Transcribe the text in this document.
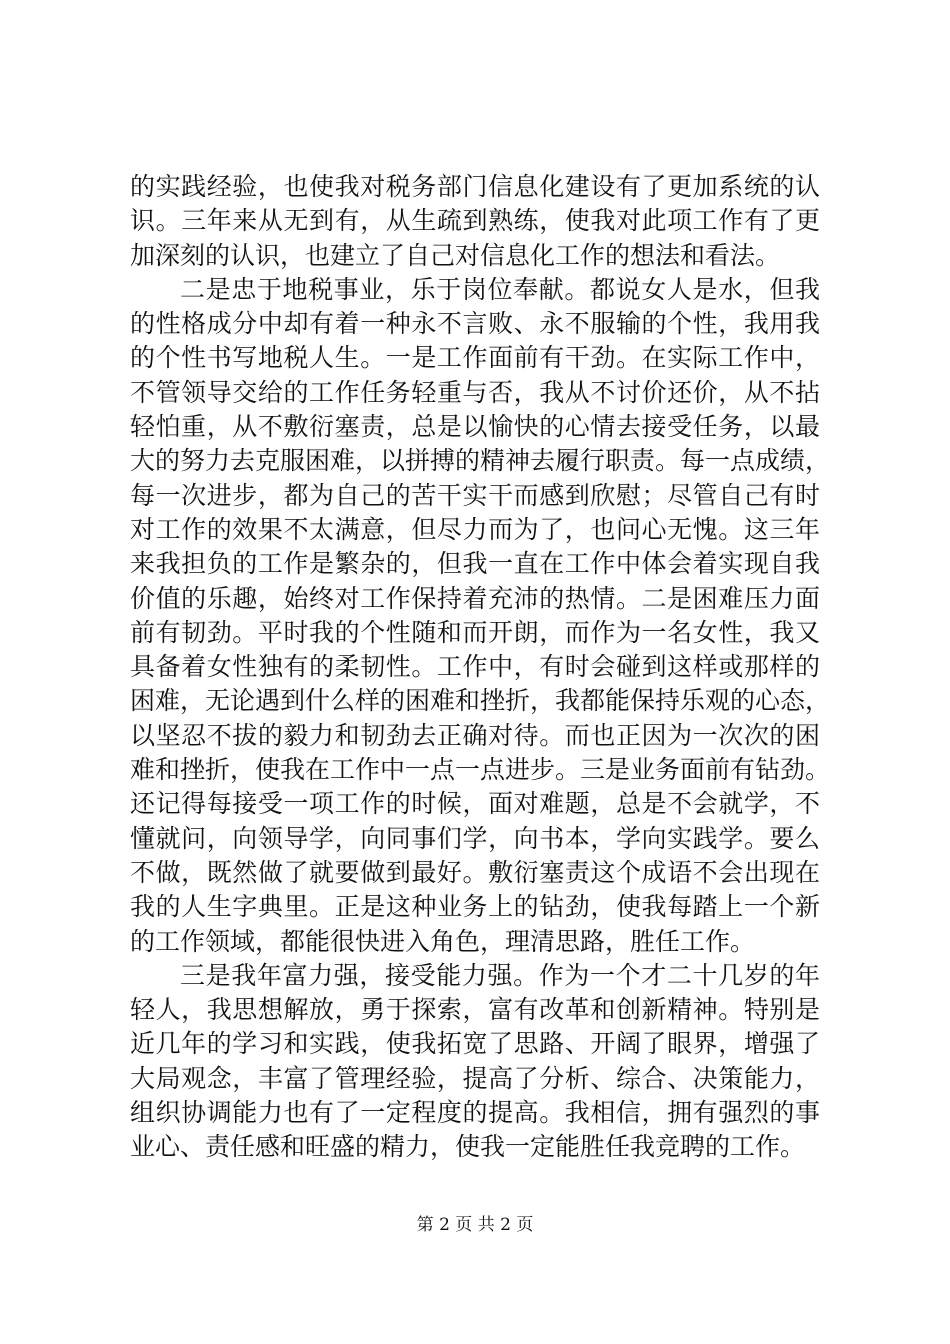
的实践经验，也使我对税务部门信息化建设有了更加系统的认
识。三年来从无到有，从生疏到熟练，使我对此项工作有了更
加深刻的认识，也建立了自己对信息化工作的想法和看法。
二是忠于地税事业，乐于岗位奉献。都说女人是水，但我
的性格成分中却有着一种永不言败、永不服输的个性，我用我
的个性书写地税人生。一是工作面前有干劲。在实际工作中，
不管领导交给的工作任务轻重与否，我从不讨价还价，从不拈
轻怕重，从不敷衍塞责，总是以愉快的心情去接受任务，以最
大的努力去克服困难，以拼搏的精神去履行职责。每一点成绩，
每一次进步，都为自己的苦干实干而感到欣慰；尽管自己有时
对工作的效果不太满意，但尽力而为了，也问心无愧。这三年
来我担负的工作是繁杂的，但我一直在工作中体会着实现自我
价值的乐趣，始终对工作保持着充沛的热情。二是困难压力面
前有韧劲。平时我的个性随和而开朗，而作为一名女性，我又
具备着女性独有的柔韧性。工作中，有时会碰到这样或那样的
困难，无论遇到什么样的困难和挫折，我都能保持乐观的心态，
以坚忍不拔的毅力和韧劲去正确对待。而也正因为一次次的困
难和挫折，使我在工作中一点一点进步。三是业务面前有钻劲。
还记得每接受一项工作的时候，面对难题，总是不会就学，不
懂就问，向领导学，向同事们学，向书本，学向实践学。要么
不做，既然做了就要做到最好。敷衍塞责这个成语不会出现在
我的人生字典里。正是这种业务上的钻劲，使我每踏上一个新
的工作领域，都能很快进入角色，理清思路，胜任工作。
三是我年富力强，接受能力强。作为一个才二十几岁的年
轻人，我思想解放，勇于探索，富有改革和创新精神。特别是
近几年的学习和实践，使我拓宽了思路、开阔了眼界，增强了
大局观念，丰富了管理经验，提高了分析、综合、决策能力，
组织协调能力也有了一定程度的提高。我相信，拥有强烈的事
业心、责任感和旺盛的精力，使我一定能胜任我竞聘的工作。
第 2 页 共 2 页
